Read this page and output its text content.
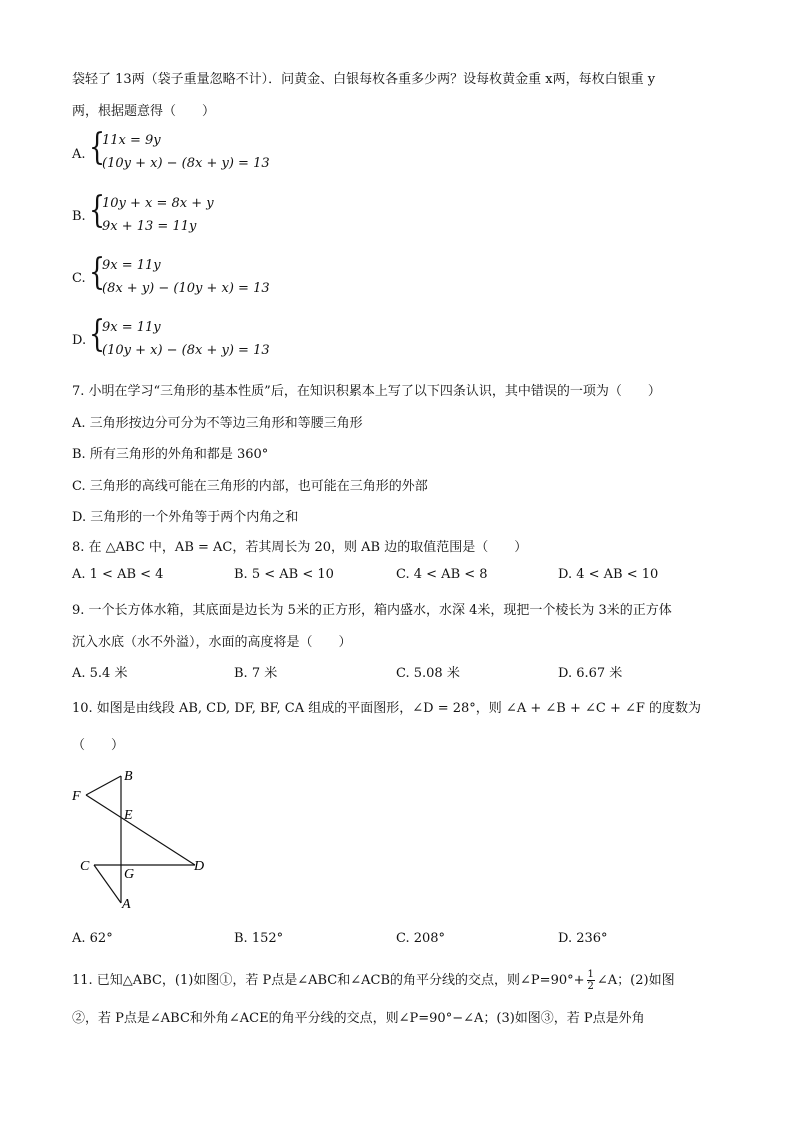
袋轻了 13两（袋子重量忽略不计）．问黄金、白银每枚各重多少两？设每枚黄金重 x两，每枚白银重 y
两，根据题意得（　　）
A. {
11x = 9y
(10y + x) − (8x + y) = 13
B. {
10y + x = 8x + y
9x + 13 = 11y
C. {
9x = 11y
(8x + y) − (10y + x) = 13
D. {
9x = 11y
(10y + x) − (8x + y) = 13
7. 小明在学习“三角形的基本性质”后，在知识积累本上写了以下四条认识，其中错误的一项为（　　）
A. 三角形按边分可分为不等边三角形和等腰三角形
B. 所有三角形的外角和都是 360°
C. 三角形的高线可能在三角形的内部，也可能在三角形的外部
D. 三角形的一个外角等于两个内角之和
8. 在 △ABC 中，AB = AC，若其周长为 20，则 AB 边的取值范围是（　　）
A. 1 < AB < 4	B. 5 < AB < 10	C. 4 < AB < 8	D. 4 < AB < 10
9. 一个长方体水箱，其底面是边长为 5米的正方形，箱内盛水，水深 4米，现把一个棱长为 3米的正方体
沉入水底（水不外溢），水面的高度将是（　　）
A. 5.4 米	B. 7 米	C. 5.08 米	D. 6.67 米
10. 如图是由线段 AB, CD, DF, BF, CA 组成的平面图形，∠D = 28°，则 ∠A + ∠B + ∠C + ∠F 的度数为
（　　）
F
B
E
C
G
D
A
A. 62°	B. 152°	C. 208°	D. 236°
11. 已知△ABC，(1)如图①，若 P点是∠ABC和∠ACB的角平分线的交点，则∠P=90°+ $\frac{1}{2}$ ∠A；(2)如图
②，若 P点是∠ABC和外角∠ACE的角平分线的交点，则∠P=90°−∠A；(3)如图③，若 P点是外角
